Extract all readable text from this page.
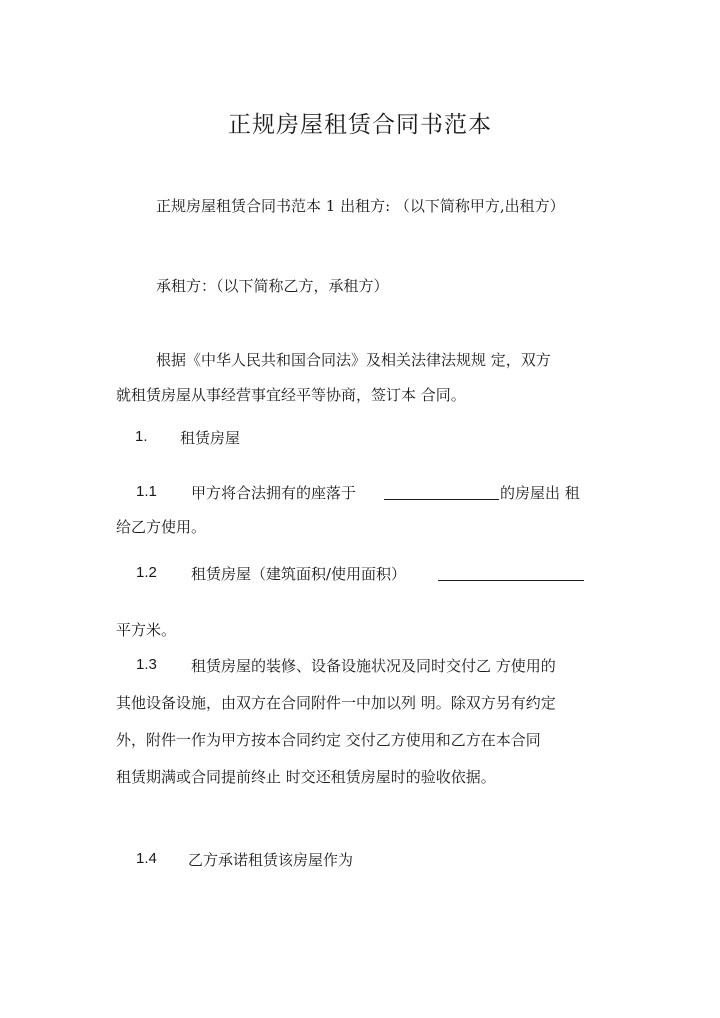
正规房屋租赁合同书范本
正规房屋租赁合同书范本 1 出租方: （以下简称甲方,出租方）
承租方：（以下简称乙方，承租方）
根据《中华人民共和国合同法》及相关法律法规规 定，双方
就租赁房屋从事经营事宜经平等协商，签订本 合同。
1. 租赁房屋
1.1 甲方将合法拥有的座落于	的房屋出 租
给乙方使用。
1.2 租赁房屋（建筑面积/使用面积）
平方米。
1.3 租赁房屋的装修、设备设施状况及同时交付乙 方使用的
其他设备设施，由双方在合同附件一中加以列 明。除双方另有约定
外，附件一作为甲方按本合同约定 交付乙方使用和乙方在本合同
租赁期满或合同提前终止 时交还租赁房屋时的验收依据。
1.4 乙方承诺租赁该房屋作为
